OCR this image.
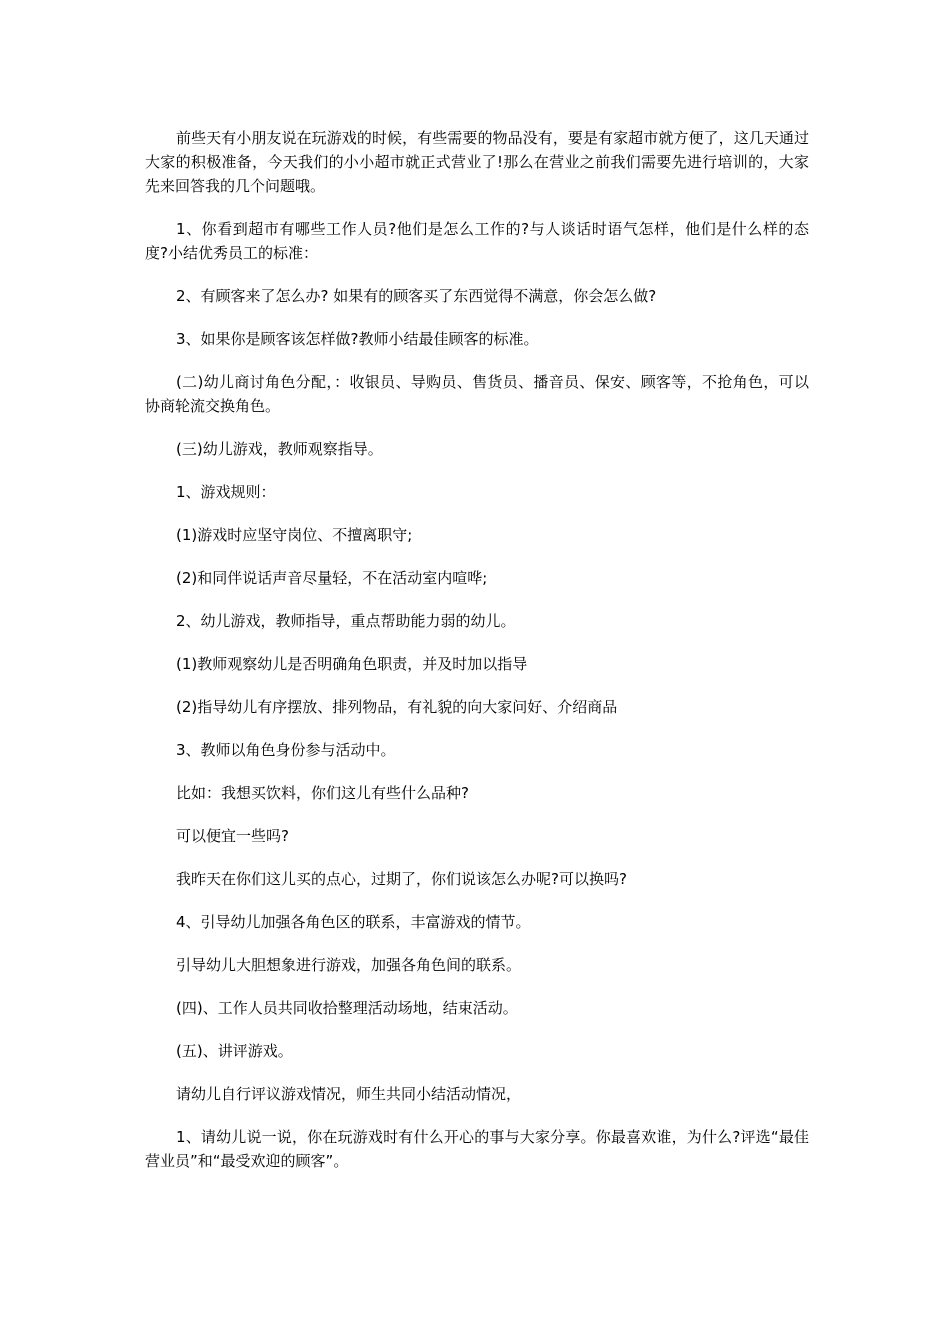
前些天有小朋友说在玩游戏的时候，有些需要的物品没有，要是有家超市就方便了，这几天通过大家的积极准备，今天我们的小小超市就正式营业了!那么在营业之前我们需要先进行培训的，大家先来回答我的几个问题哦。

1、你看到超市有哪些工作人员?他们是怎么工作的?与人谈话时语气怎样，他们是什么样的态度?小结优秀员工的标准：

2、有顾客来了怎么办? 如果有的顾客买了东西觉得不满意，你会怎么做?

3、如果你是顾客该怎样做?教师小结最佳顾客的标准。

(二)幼儿商讨角色分配，：收银员、导购员、售货员、播音员、保安、顾客等，不抢角色，可以协商轮流交换角色。

(三)幼儿游戏，教师观察指导。

1、游戏规则：

(1)游戏时应坚守岗位、不擅离职守;

(2)和同伴说话声音尽量轻，不在活动室内喧哗;

2、幼儿游戏，教师指导，重点帮助能力弱的幼儿。

(1)教师观察幼儿是否明确角色职责，并及时加以指导

(2)指导幼儿有序摆放、排列物品，有礼貌的向大家问好、介绍商品

3、教师以角色身份参与活动中。

比如：我想买饮料，你们这儿有些什么品种?

可以便宜一些吗?

我昨天在你们这儿买的点心，过期了，你们说该怎么办呢?可以换吗?

4、引导幼儿加强各角色区的联系，丰富游戏的情节。

引导幼儿大胆想象进行游戏，加强各角色间的联系。

(四)、工作人员共同收拾整理活动场地，结束活动。

(五)、讲评游戏。

请幼儿自行评议游戏情况，师生共同小结活动情况，

1、请幼儿说一说，你在玩游戏时有什么开心的事与大家分享。你最喜欢谁，为什么?评选“最佳营业员”和“最受欢迎的顾客”。
